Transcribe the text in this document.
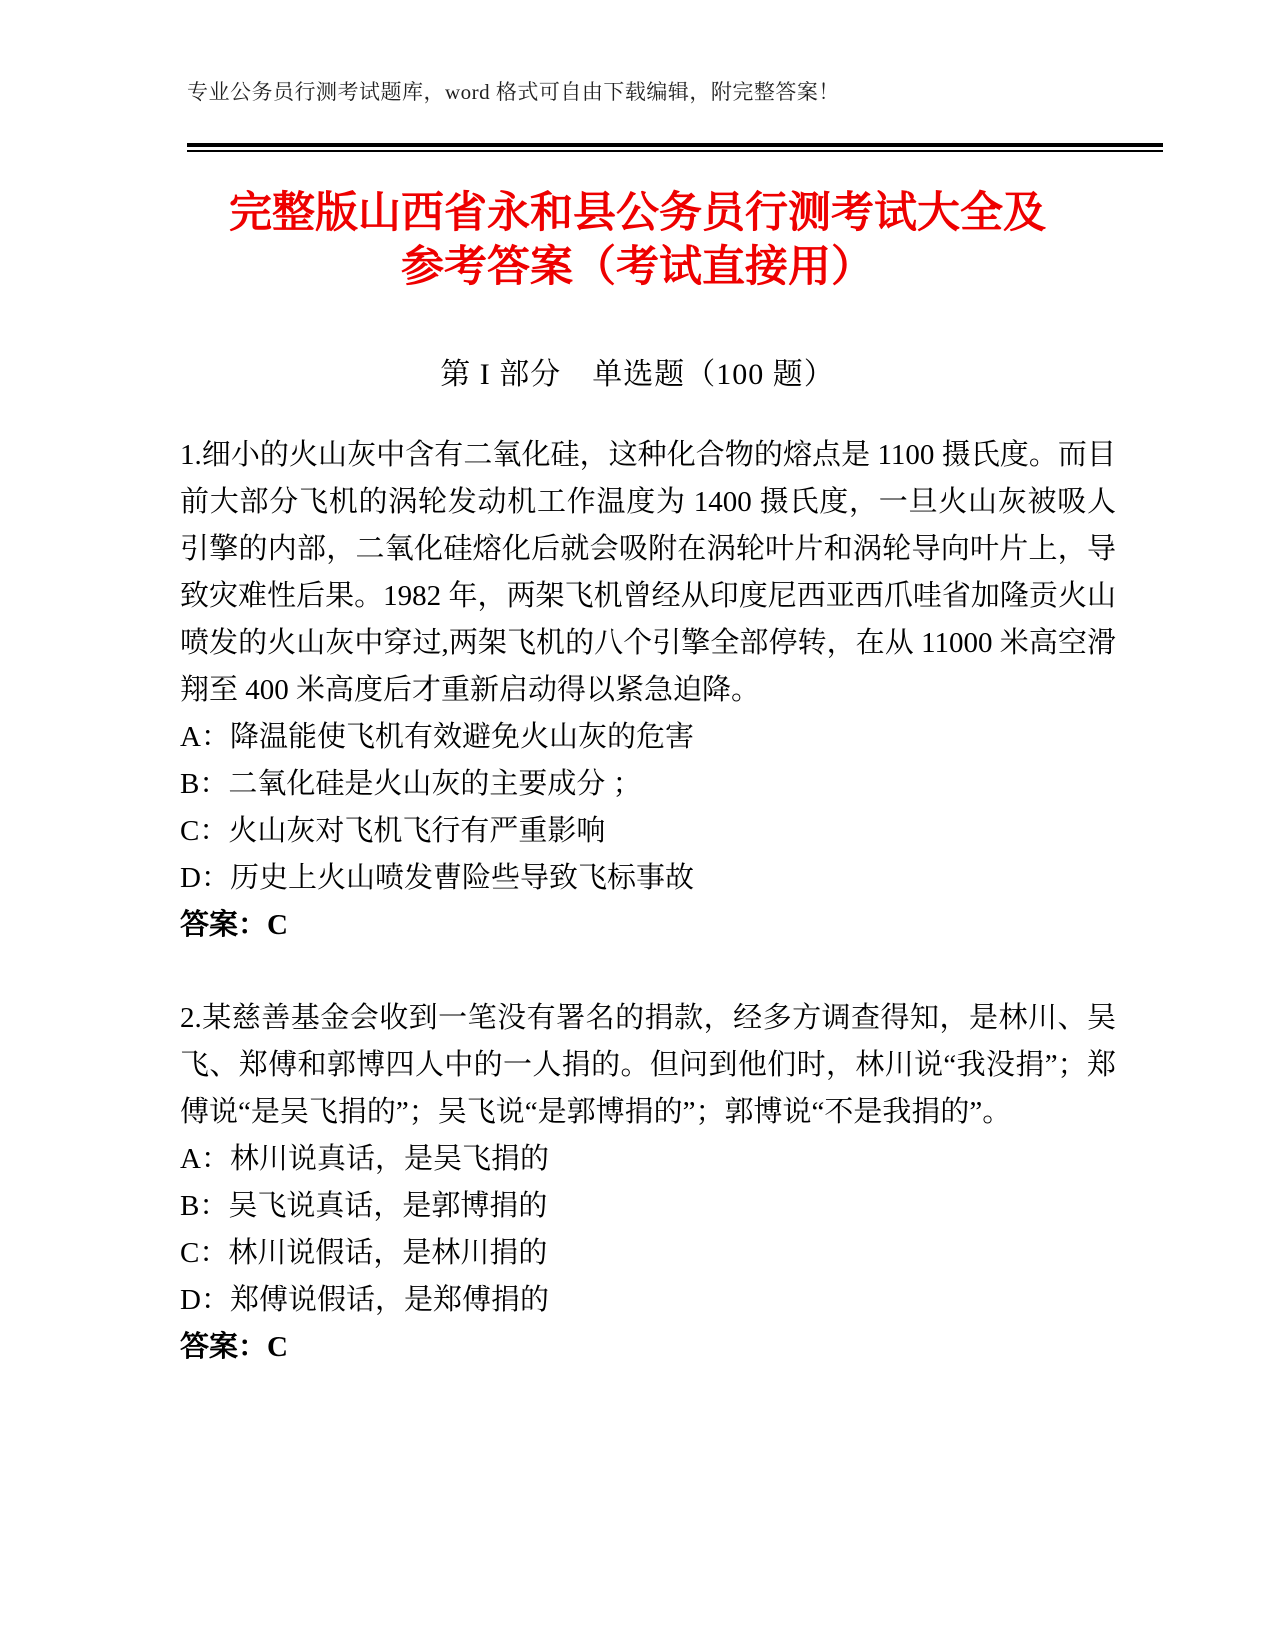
专业公务员行测考试题库，word 格式可自由下载编辑，附完整答案！
完整版山西省永和县公务员行测考试大全及
参考答案（考试直接用）
第 I 部分　单选题（100 题）

1.细小的火山灰中含有二氧化硅，这种化合物的熔点是 1100 摄氏度。而目前大部分飞机的涡轮发动机工作温度为 1400 摄氏度，一旦火山灰被吸人引擎的内部，二氧化硅熔化后就会吸附在涡轮叶片和涡轮导向叶片上，导致灾难性后果。1982 年，两架飞机曾经从印度尼西亚西爪哇省加隆贡火山喷发的火山灰中穿过,两架飞机的八个引擎全部停转，在从 11000 米高空滑翔至 400 米高度后才重新启动得以紧急迫降。

A：降温能使飞机有效避免火山灰的危害
B：二氧化硅是火山灰的主要成分 ；
C：火山灰对飞机飞行有严重影响
D：历史上火山喷发曹险些导致飞标事故
答案：C

2.某慈善基金会收到一笔没有署名的捐款，经多方调查得知，是林川、吴飞、郑傅和郭博四人中的一人捐的。但问到他们时，林川说“我没捐”；郑傅说“是吴飞捐的”；吴飞说“是郭博捐的”；郭博说“不是我捐的”。

A：林川说真话，是吴飞捐的
B：吴飞说真话，是郭博捐的
C：林川说假话，是林川捐的
D：郑傅说假话，是郑傅捐的
答案：C
